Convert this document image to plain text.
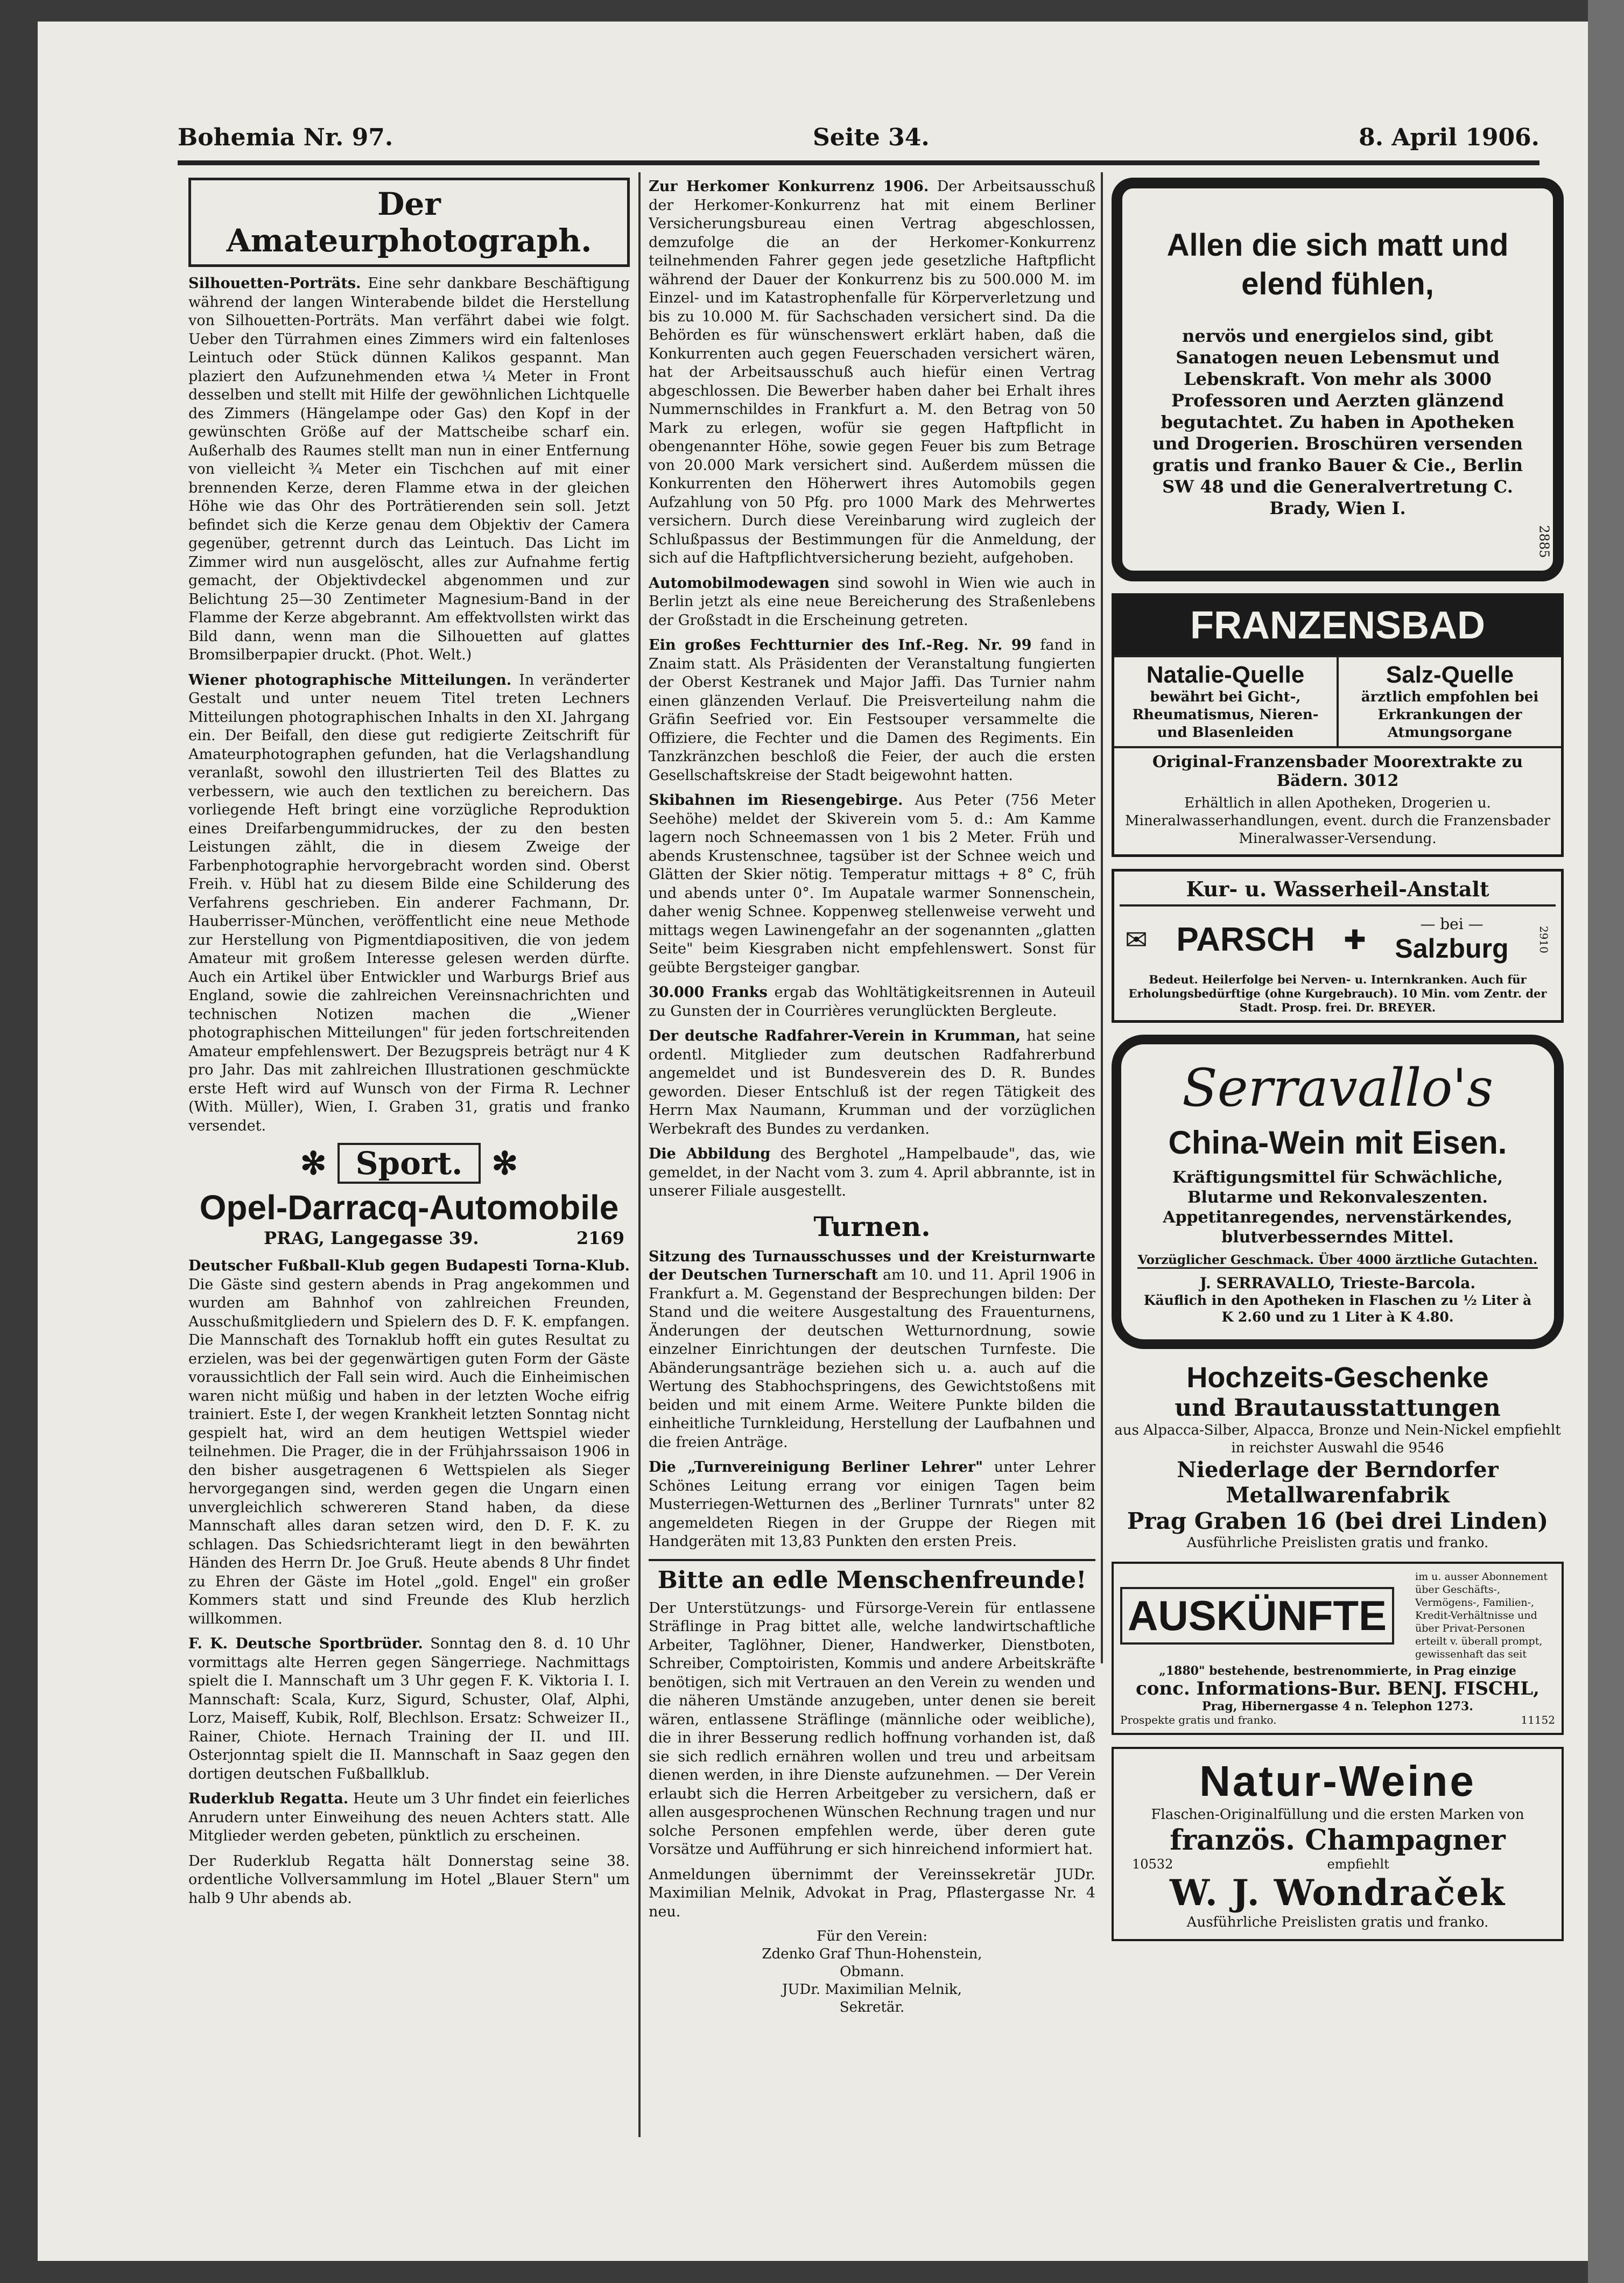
Bohemia Nr. 97.	Seite 34.	8. April 1906.
Der Amateurphotograph.

Silhouetten-Porträts. Eine sehr dankbare Beschäftigung während der langen Winterabende bildet die Herstellung von Silhouetten-Porträts. Man verfährt dabei wie folgt. Ueber den Türrahmen eines Zimmers wird ein faltenloses Leintuch oder Stück dünnen Kalikos gespannt. Man plaziert den Aufzunehmenden etwa ¼ Meter in Front desselben und stellt mit Hilfe der gewöhnlichen Lichtquelle des Zimmers (Hängelampe oder Gas) den Kopf in der gewünschten Größe auf der Mattscheibe scharf ein. Außerhalb des Raumes stellt man nun in einer Entfernung von vielleicht ¾ Meter ein Tischchen auf mit einer brennenden Kerze, deren Flamme etwa in der gleichen Höhe wie das Ohr des Porträtierenden sein soll. Jetzt befindet sich die Kerze genau dem Objektiv der Camera gegenüber, getrennt durch das Leintuch. Das Licht im Zimmer wird nun ausgelöscht, alles zur Aufnahme fertig gemacht, der Objektivdeckel abgenommen und zur Belichtung 25—30 Zentimeter Magnesium-Band in der Flamme der Kerze abgebrannt. Am effektvollsten wirkt das Bild dann, wenn man die Silhouetten auf glattes Bromsilberpapier druckt. (Phot. Welt.)

Wiener photographische Mitteilungen. In veränderter Gestalt und unter neuem Titel treten Lechners Mitteilungen photographischen Inhalts in den XI. Jahrgang ein. Der Beifall, den diese gut redigierte Zeitschrift für Amateurphotographen gefunden, hat die Verlagshandlung veranlaßt, sowohl den illustrierten Teil des Blattes zu verbessern, wie auch den textlichen zu bereichern. Das vorliegende Heft bringt eine vorzügliche Reproduktion eines Dreifarbengummidruckes, der zu den besten Leistungen zählt, die in diesem Zweige der Farbenphotographie hervorgebracht worden sind. Oberst Freih. v. Hübl hat zu diesem Bilde eine Schilderung des Verfahrens geschrieben. Ein anderer Fachmann, Dr. Hauberrisser-München, veröffentlicht eine neue Methode zur Herstellung von Pigmentdiapositiven, die von jedem Amateur mit großem Interesse gelesen werden dürfte. Auch ein Artikel über Entwickler und Warburgs Brief aus England, sowie die zahlreichen Vereinsnachrichten und technischen Notizen machen die „Wiener photographischen Mitteilungen" für jeden fortschreitenden Amateur empfehlenswert. Der Bezugspreis beträgt nur 4 K pro Jahr. Das mit zahlreichen Illustrationen geschmückte erste Heft wird auf Wunsch von der Firma R. Lechner (With. Müller), Wien, I. Graben 31, gratis und franko versendet.

✻ Sport. ✻
Opel-Darracq-Automobile
PRAG, Langegasse 39.	2169

Deutscher Fußball-Klub gegen Budapesti Torna-Klub. Die Gäste sind gestern abends in Prag angekommen und wurden am Bahnhof von zahlreichen Freunden, Ausschußmitgliedern und Spielern des D. F. K. empfangen. Die Mannschaft des Tornaklub hofft ein gutes Resultat zu erzielen, was bei der gegenwärtigen guten Form der Gäste voraussichtlich der Fall sein wird. Auch die Einheimischen waren nicht müßig und haben in der letzten Woche eifrig trainiert. Este I, der wegen Krankheit letzten Sonntag nicht gespielt hat, wird an dem heutigen Wettspiel wieder teilnehmen. Die Prager, die in der Frühjahrssaison 1906 in den bisher ausgetragenen 6 Wettspielen als Sieger hervorgegangen sind, werden gegen die Ungarn einen unvergleichlich schwereren Stand haben, da diese Mannschaft alles daran setzen wird, den D. F. K. zu schlagen. Das Schiedsrichteramt liegt in den bewährten Händen des Herrn Dr. Joe Gruß. Heute abends 8 Uhr findet zu Ehren der Gäste im Hotel „gold. Engel" ein großer Kommers statt und sind Freunde des Klub herzlich willkommen.

F. K. Deutsche Sportbrüder. Sonntag den 8. d. 10 Uhr vormittags alte Herren gegen Sängerriege. Nachmittags spielt die I. Mannschaft um 3 Uhr gegen F. K. Viktoria I. I. Mannschaft: Scala, Kurz, Sigurd, Schuster, Olaf, Alphi, Lorz, Maiseff, Kubik, Rolf, Blechlson. Ersatz: Schweizer II., Rainer, Chiote. Hernach Training der II. und III. Osterjonntag spielt die II. Mannschaft in Saaz gegen den dortigen deutschen Fußballklub.

Ruderklub Regatta. Heute um 3 Uhr findet ein feierliches Anrudern unter Einweihung des neuen Achters statt. Alle Mitglieder werden gebeten, pünktlich zu erscheinen.

Der Ruderklub Regatta hält Donnerstag seine 38. ordentliche Vollversammlung im Hotel „Blauer Stern" um halb 9 Uhr abends ab.

Zur Herkomer Konkurrenz 1906. Der Arbeitsausschuß der Herkomer-Konkurrenz hat mit einem Berliner Versicherungsbureau einen Vertrag abgeschlossen, demzufolge die an der Herkomer-Konkurrenz teilnehmenden Fahrer gegen jede gesetzliche Haftpflicht während der Dauer der Konkurrenz bis zu 500.000 M. im Einzel- und im Katastrophenfalle für Körperverletzung und bis zu 10.000 M. für Sachschaden versichert sind. Da die Behörden es für wünschenswert erklärt haben, daß die Konkurrenten auch gegen Feuerschaden versichert wären, hat der Arbeitsausschuß auch hiefür einen Vertrag abgeschlossen. Die Bewerber haben daher bei Erhalt ihres Nummernschildes in Frankfurt a. M. den Betrag von 50 Mark zu erlegen, wofür sie gegen Haftpflicht in obengenannter Höhe, sowie gegen Feuer bis zum Betrage von 20.000 Mark versichert sind. Außerdem müssen die Konkurrenten den Höherwert ihres Automobils gegen Aufzahlung von 50 Pfg. pro 1000 Mark des Mehrwertes versichern. Durch diese Vereinbarung wird zugleich der Schlußpassus der Bestimmungen für die Anmeldung, der sich auf die Haftpflichtversicherung bezieht, aufgehoben.

Automobilmodewagen sind sowohl in Wien wie auch in Berlin jetzt als eine neue Bereicherung des Straßenlebens der Großstadt in die Erscheinung getreten.

Ein großes Fechtturnier des Inf.-Reg. Nr. 99 fand in Znaim statt. Als Präsidenten der Veranstaltung fungierten der Oberst Kestranek und Major Jaffi. Das Turnier nahm einen glänzenden Verlauf. Die Preisverteilung nahm die Gräfin Seefried vor. Ein Festsouper versammelte die Offiziere, die Fechter und die Damen des Regiments. Ein Tanzkränzchen beschloß die Feier, der auch die ersten Gesellschaftskreise der Stadt beigewohnt hatten.

Skibahnen im Riesengebirge. Aus Peter (756 Meter Seehöhe) meldet der Skiverein vom 5. d.: Am Kamme lagern noch Schneemassen von 1 bis 2 Meter. Früh und abends Krustenschnee, tagsüber ist der Schnee weich und Glätten der Skier nötig. Temperatur mittags + 8° C, früh und abends unter 0°. Im Aupatale warmer Sonnenschein, daher wenig Schnee. Koppenweg stellenweise verweht und mittags wegen Lawinengefahr an der sogenannten „glatten Seite" beim Kiesgraben nicht empfehlenswert. Sonst für geübte Bergsteiger gangbar.

30.000 Franks ergab das Wohltätigkeitsrennen in Auteuil zu Gunsten der in Courrières verunglückten Bergleute.

Der deutsche Radfahrer-Verein in Krumman, hat seine ordentl. Mitglieder zum deutschen Radfahrerbund angemeldet und ist Bundesverein des D. R. Bundes geworden. Dieser Entschluß ist der regen Tätigkeit des Herrn Max Naumann, Krumman und der vorzüglichen Werbekraft des Bundes zu verdanken.

Die Abbildung des Berghotel „Hampelbaude", das, wie gemeldet, in der Nacht vom 3. zum 4. April abbrannte, ist in unserer Filiale ausgestellt.

Turnen.

Sitzung des Turnausschusses und der Kreisturnwarte der Deutschen Turnerschaft am 10. und 11. April 1906 in Frankfurt a. M. Gegenstand der Besprechungen bilden: Der Stand und die weitere Ausgestaltung des Frauenturnens, Änderungen der deutschen Wetturnordnung, sowie einzelner Einrichtungen der deutschen Turnfeste. Die Abänderungsanträge beziehen sich u. a. auch auf die Wertung des Stabhochspringens, des Gewichtstoßens mit beiden und mit einem Arme. Weitere Punkte bilden die einheitliche Turnkleidung, Herstellung der Laufbahnen und die freien Anträge.

Die „Turnvereinigung Berliner Lehrer" unter Lehrer Schönes Leitung errang vor einigen Tagen beim Musterriegen-Wetturnen des „Berliner Turnrats" unter 82 angemeldeten Riegen in der Gruppe der Riegen mit Handgeräten mit 13,83 Punkten den ersten Preis.

Bitte an edle Menschenfreunde!

Der Unterstützungs- und Fürsorge-Verein für entlassene Sträflinge in Prag bittet alle, welche landwirtschaftliche Arbeiter, Taglöhner, Diener, Handwerker, Dienstboten, Schreiber, Comptoiristen, Kommis und andere Arbeitskräfte benötigen, sich mit Vertrauen an den Verein zu wenden und die näheren Umstände anzugeben, unter denen sie bereit wären, entlassene Sträflinge (männliche oder weibliche), die in ihrer Besserung redlich hoffnung vorhanden ist, daß sie sich redlich ernähren wollen und treu und arbeitsam dienen werden, in ihre Dienste aufzunehmen. — Der Verein erlaubt sich die Herren Arbeitgeber zu versichern, daß er allen ausgesprochenen Wünschen Rechnung tragen und nur solche Personen empfehlen werde, über deren gute Vorsätze und Aufführung er sich hinreichend informiert hat.

Anmeldungen übernimmt der Vereinssekretär JUDr. Maximilian Melnik, Advokat in Prag, Pflastergasse Nr. 4 neu.

Für den Verein:
Zdenko Graf Thun-Hohenstein,
Obmann.
JUDr. Maximilian Melnik,
Sekretär.
Allen die sich matt und elend fühlen,
nervös und energielos sind, gibt Sanatogen neuen Lebensmut und Lebenskraft. Von mehr als 3000 Professoren und Aerzten glänzend begutachtet. Zu haben in Apotheken und Drogerien. Broschüren versenden gratis und franko Bauer & Cie., Berlin SW 48 und die Generalvertretung C. Brady, Wien I.
2885
FRANZENSBAD
Natalie-Quelle
bewährt bei Gicht-, Rheumatismus, Nieren- und Blasenleiden
Salz-Quelle
ärztlich empfohlen bei Erkrankungen der Atmungsorgane
Original-Franzensbader Moorextrakte zu Bädern. 3012
Erhältlich in allen Apotheken, Drogerien u. Mineralwasserhandlungen, event. durch die Franzensbader Mineralwasser-Versendung.
Kur- u. Wasserheil-Anstalt
✉ PARSCH ✚	— bei —
Salzburg	2910
Bedeut. Heilerfolge bei Nerven- u. Internkranken. Auch für Erholungsbedürftige (ohne Kurgebrauch). 10 Min. vom Zentr. der Stadt. Prosp. frei. Dr. BREYER.
Serravallo's
China-Wein mit Eisen.
Kräftigungsmittel für Schwächliche, Blutarme und Rekonvaleszenten. Appetitanregendes, nervenstärkendes, blutverbesserndes Mittel.
Vorzüglicher Geschmack. Über 4000 ärztliche Gutachten.
J. SERRAVALLO, Trieste-Barcola.
Käuflich in den Apotheken in Flaschen zu ½ Liter à K 2.60 und zu 1 Liter à K 4.80.
Hochzeits-Geschenke
und Brautausstattungen
aus Alpacca-Silber, Alpacca, Bronze und Nein-Nickel empfiehlt in reichster Auswahl die 9546
Niederlage der Berndorfer Metallwarenfabrik
Prag Graben 16 (bei drei Linden)
Ausführliche Preislisten gratis und franko.
AUSKÜNFTE
im u. ausser Abonnement über Geschäfts-, Vermögens-, Familien-, Kredit-Verhältnisse und über Privat-Personen erteilt v. überall prompt, gewissenhaft das seit
„1880" bestehende, bestrenommierte, in Prag einzige
conc. Informations-Bur. BENJ. FISCHL,
Prag, Hibernergasse 4 n. Telephon 1273.
Prospekte gratis und franko.	11152
Natur-Weine
Flaschen-Originalfüllung und die ersten Marken von
französ. Champagner
10532	empfiehlt
W. J. Wondraček
Ausführliche Preislisten gratis und franko.
